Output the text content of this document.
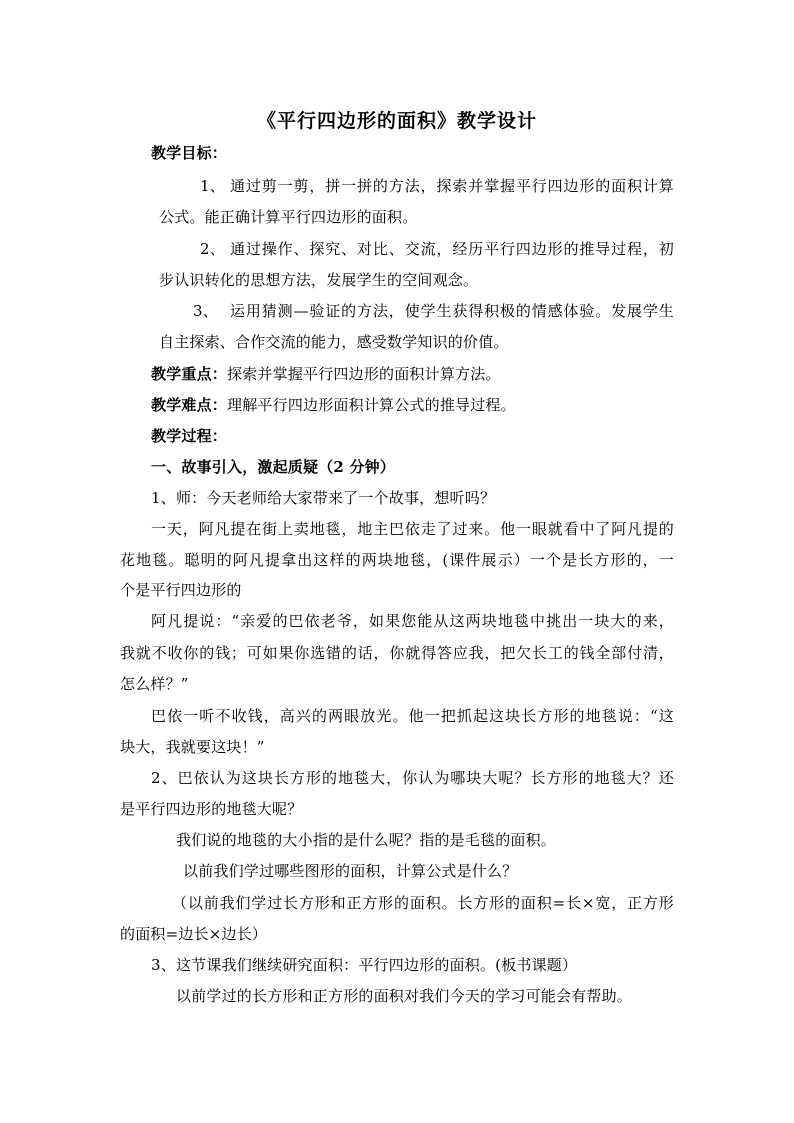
《平行四边形的面积》教学设计
教学目标：
1、 通过剪一剪，拼一拼的方法，探索并掌握平行四边形的面积计算
公式。能正确计算平行四边形的面积。
2、 通过操作、探究、对比、交流，经历平行四边形的推导过程，初
步认识转化的思想方法，发展学生的空间观念。
3、 运用猜测—验证的方法，使学生获得积极的情感体验。发展学生
自主探索、合作交流的能力，感受数学知识的价值。
教学重点：探索并掌握平行四边形的面积计算方法。
教学难点：理解平行四边形面积计算公式的推导过程。
教学过程：
一、故事引入，激起质疑（2 分钟）
1、师：今天老师给大家带来了一个故事，想听吗？
一天，阿凡提在街上卖地毯，地主巴依走了过来。他一眼就看中了阿凡提的
花地毯。聪明的阿凡提拿出这样的两块地毯，(课件展示）一个是长方形的，一
个是平行四边形的
阿凡提说：“亲爱的巴依老爷，如果您能从这两块地毯中挑出一块大的来，
我就不收你的钱；可如果你选错的话，你就得答应我，把欠长工的钱全部付清，
怎么样？”
巴依一听不收钱，高兴的两眼放光。他一把抓起这块长方形的地毯说：“这
块大，我就要这块！”
2、巴依认为这块长方形的地毯大，你认为哪块大呢？长方形的地毯大？还
是平行四边形的地毯大呢？
我们说的地毯的大小指的是什么呢？指的是毛毯的面积。
以前我们学过哪些图形的面积，计算公式是什么？
（以前我们学过长方形和正方形的面积。长方形的面积=长×宽，正方形
的面积=边长×边长）
3、这节课我们继续研究面积：平行四边形的面积。(板书课题）
以前学过的长方形和正方形的面积对我们今天的学习可能会有帮助。
